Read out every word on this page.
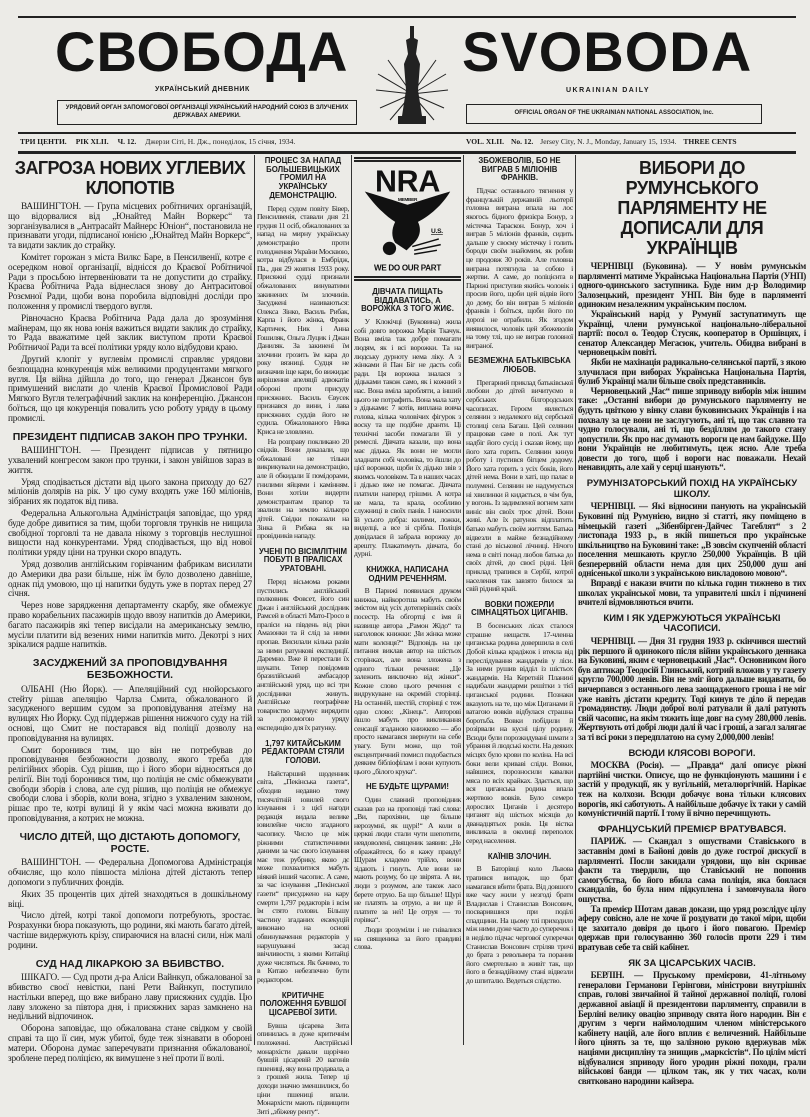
СВОБОДА SVOBODA
УКРАЇНСЬКИЙ ДНЕВНИК	UKRAINIAN DAILY
УРЯДОВИЙ ОРГАН ЗАПОМОГОВОЇ ОРГАНІЗАЦІЇ УКРАЇНСЬКИЙ НАРОДНИЙ СОЮЗ В ЗЛУЧЕНИХ ДЕРЖАВАХ АМЕРИКИ.	OFFICIAL ORGAN OF THE UKRAINIAN NATIONAL ASSOCIATION, Inc.
ТРИ ЦЕНТИ. РІК XLII. Ч. 12. Джерзи Сіті, Н. Дж., понеділок, 15 січня, 1934.	VOL. XLII. No. 12. Jersey City, N. J., Monday, January 15, 1934. THREE CENTS
ЗАГРОЗА НОВИХ УГЛЕВИХ КЛОПОТІВ

ВАШИНГТОН. — Група місцевих робітничих організацій, що відорвалися від „Юнайтед Майн Воркерс“ та зорганізувалися в „Антрасайт Майнерс Юніон“, постановила не признавати угоди, підписаної юнією „Юнайтед Майн Воркерс“, та видати заклик до страйку.

Комітет горожан з міста Вилкс Баре, в Пенсилвенії, котре є осередком нової організації, віднісся до Краєвої Робітничої Ради з просьбою інтервеніювати та не допустити до страйку. Краєва Робітнича Рада віднеслася знову до Антраситової Розємної Ради, щоби вона поробила відповідні досліди про положення у промислі твердого вугля.

Рівночасно Краєва Робітнича Рада дала до зрозуміння майнерам, що як нова юнія важиться видати заклик до страйку, то Рада вважатиме цей заклик виступом проти Краєвої Робітничої Ради та всеї політики уряду коло відбудови краю.

Другий клопіт у вуглевім промислі справляє урядови безпощадна конкуренція між великими продуцентами мягкого вугля. Ця війна дійшла до того, що генерал Джансон був примушений вислати до членів Краєвої Промислової Ради Мягкого Вугля телеграфічний заклик на конференцію. Джансон боїться, що ця кокуренція повалить усю роботу уряду в цьому промислі.

ПРЕЗИДЕНТ ПІДПИСАВ ЗАКОН ПРО ТРУНКИ.

ВАШИНГТОН. — Президент підписав у пятницю ухвалений конгресом закон про трунки, і закон увійшов зараз в життя.

Уряд сподівається дістати від цього закона приходу до 627 міліонів долярів на рік. У цю суму входять уже 160 міліонів, зібраних як податок від пива.

Федеральна Алькогольна Адміністрація заповідає, що уряд буде добре дивитися за тим, щоби торговля трунків не нищила свобідної торговлі та не давала нікому з торговців неслушної вищости над конкурентами. Уряд сподівається, що від нової політики уряду ціни на трунки скоро впадуть.

Уряд дозволив англійським горівчаним фабрикам висилати до Америки два рази більше, ніж їм було дозволено давніше, однак під умовою, що ці напитки будуть уже в портах перед 27 січня.

Через нове зарядження департаменту скарбу, яке обмежує право корабельних пасажирів щодо ввозу напитків до Америки, багато пасажирів які тепер висідали на американську землю, мусіли платити від везених ними напитків мито. Декотрі з них зрікалися радше напитків.

ЗАСУДЖЕНИЙ ЗА ПРОПОВІДУВАННЯ БЕЗБОЖНОСТИ.

ОЛБАНІ (Ню Йорк). — Апеляційний суд нюйорського стейту рішав апеляцію Чарлза Смита, обжалованого й засудженого вершим судом за проповідування атеїзму на вулицях Ню Йорку. Суд піддержав рішення нижчого суду на тій основі, що Смит не постарався від поліції дозволу на проповідування на вулицях.

Смит боронився тим, що він не потребував до проповідування безбожности дозволу, якого треба для релігійних зборів. Суд рішив, що і його збори відносяться до релігії. Він тоді боронився тим, що поліція не сміє обмежувати свободи зборів і слова, але суд рішив, що поліція не обмежує свободи слова і зборів, коли вона, згідно з ухваленим законом, рішає про те, котрі вулиці й у якім часі можна вживати до проповідування, а котрих не можна.

ЧИСЛО ДІТЕЙ, ЩО ДІСТАЮТЬ ДОПОМОГУ, РОСТЕ.

ВАШИНГТОН. — Федеральна Допомогова Адміністрація обчисляє, що коло півшоста міліона дітей дістають тепер допомоги з публичних фондів.

Яких 35 процентів цих дітей знаходяться в дошкільному віці.

Число дітей, котрі такої допомоги потребують, зростає. Розрахунки бюра показують, що родини, які мають багато дітей, частіше видержують крізу, спираючися на власні сили, ніж малі родини.

СУД НАД ЛІКАРКОЮ ЗА ВБИВСТВО.

ШІКАГО. — Суд проти д-ра Аліси Вайнкуп, обжалованої за вбивство своєї невістки, пані Рети Вайнкуп, поступило настільки вперед, що вже вибрано лаву присяжних суддів. Цю лаву зложено за півтора дня, і присяжних зараз замкнено на недільний відпочинок.

Оборона заповідає, що обжалована стане свідком у своїй справі та що її син, муж убитої, буде теж зізнавати в обороні матери. Оборона думає заперечувати признання обжалованої, зроблене перед поліцією, як вимушене з неї проти її волі.

ПРОЦЕС ЗА НАПАД БОЛЬШЕВИЦЬКИХ ГРОМИЛ НА УКРАЇНСЬКУ ДЕМОНСТРАЦІЮ.

Перед судом повіту Бівер, Пенсилвенія, ставали дня 21 грудня 11 осіб, обжалованих за напад на мирну українську демонстрацію проти голодження України Москвою, котра відбулася в Ембрідж, Па., дня 29 жовтня 1933 року. Присяжні судді признали обжалованих винуватими закинених їм злочинів. Засуджені називаються: Олекса Зінко, Василь Рибак, Карпа і його жінка, Франк Картичек, Ник і Анна Гошиляк, Ольга Луцик і Джан Даниляк. За закинені їм злочини грозить їм кара до року вязниці. Судця не визначив іще кари, бо вижидає вирішення апеляції адвокатів обороні проти присуду присяжних. Василь Євусек признався до вини, і лава присяжних суддів його не судила. Обжалованого Ника Криса не зловлено.

На розправу покликано 20 свідків. Вони доказали, що обжаловані не тільки викрикували на демонстрацію, але й обкидали її помідорами, гнилими яйцями і камінням. Вони хотіли видерти демонстрантам прапор та звалили на землю кількоро дітей. Свідки показали на Зінка й Рибака як на провідників нападу.

УЧЕНІ ПО ВІСІМЛІТНІМ ПОБУТІ В ПРАЛІСАХ УРАТОВАНІ.

Перед вісьмома роками пустились англійський полковник Фовсет, його син Джан і англійський дослідник Рамсей в області Мато-Гросо в праліси на південь від ріки Амазонки та й слід за ними пропав. Висилали кілька разів за ними ратункові експедиції. Даремно. Вже й перестали їх шукати. Тепер повідомив бразилійський амбасадор англійський уряд, що всі три дослідники живуть. Англійське географічне товариство задумує вирядити за допомогою уряду експедицію для їх ратунку.

1,797 КИТАЙСЬКИМ РЕДАКТОРАМ СТЯЛИ ГОЛОВИ.

Найстарший щоденник світа, „Пекінська газета“, обходив недавно тому тисячлітній ювилей свого існування і з цієї нагоди редакція видала велике ювилейне число згаданого часопису. Число це між ріжними статистичними даними за час свого існування має теж рубрику, якою дє може похвалитися мабуть ніякий інший часопис. А саме, за час існування „Пекінської газети“ присуджено на кару смерти 1,797 редакторів і всім їм стято голови. Більшу частину згаданих екзекуцій виконано на основі обвинувачення редакторів у нарушуванні засад ввічливости, з якими Китайці дуже числяться. Як бачимо, то в Китаю небезпечно бути редактором.

КРИТИЧНЕ ПОЛОЖЕННЯ БУВШОЇ ЦІСАРЕВОЇ ЗИТИ.

Бувша цісарева Зита опинилась в дуже критичнім положенні. Австрійські монархісти давали щорічно бувшій цісаревій 20 вагонів пшениці, яку вона продавала, а з грошей жила. Тепер ці доходи значно зменшилися, бо ціни пшениці впали. Монархісти мають підвищити Зиті „збіжеву ренту“.

NRA
MEMBER
U.S.
WE DO OUR PART
ДІВЧАТА ПИЩАТЬ ВІДДАВАТИСЬ, А ВОРОЖКА З ТОГО ЖИЄ.

У Клокічці (Буковина) жила собі довго ворожка Марія Ткачук. Вона вміла так добре помагати людям, як і всі ворожки. Та на людську дурноту нема ліку. А з жінками й Пан Біг не дасть собі ради. Ця ворожка зналася з дідьками також само, як і кожний з нас. Вона вміла заробляти, а інший цього не потрафить. Вона мала хату з дідьками: 7 котів, виплана вовча голова, кілька чоловічих фігурок з воску та ще подібне дранти. Ці технічні засоби помагали їй у ремеслі. Дівчата казали, що вона має дідька. Як вони не могли зладнати собі чоловіка, то йшли до цієї ворожки, щоби їх дідько звів з якимсь чоловіком. Та в наших часах і дідько вже не помагає. Дівчата платили наперед грішми. А котра не мала, та крала, особливо служниці в своїх панів. І наносили їй усього добра: килими, ложки, виделці, а все зі срібла. Поліція довідалася й забрала ворожку до арешту. Плакатимуть дівчата, бо дурні.

КНИЖКА, НАПИСАНА ОДНИМ РЕЧЕННЯМ.

В Парижі появилася друком книжка, найкоротша мабуть своїм змістом від усіх дотеперішніх своїх посестр. На обгортці є імя й назвище автора „Рамон Жідо“ та наголовок книжки: „Чи жінка може мати колєнця?“ Відповідь на це питання виклав автор на шістьох сторінках, але вона зложена з одного тільки речення: „Це залежить виключно від жінки“. Кожне слово цього речення є видрукуване на окремій сторінці. На останній, шестій, сторінці є теж одно слово: „Кінець“. Авторові йшло мабуть про викликання сенсації згаданою книжкою — або просто намагався звернути на себе увагу. Бути може, що той ексцентричний помисл подобається деяким бібліофілам і вони купують цього „білого крука“.

НЕ БУДЬТЕ ЩУРАМИ!

Один славний проповідник сказав раз на проповіді такі слова: „Ви, парохіяни, ще більше нерозумні, як щурі!“ А коли в церкві люди стали чути шепотити, невдоволені, священик заявив: „Не ображайтеся, бо я кажу правду! Щурам кладемо трійло, вони зідають і гинуть. Але вони не мають розуму, бо це звірята. А ви, люди з розумом, але також ласо берете отрую. Ба що більше! Щурі не платять за отрую, а ви ще й платите за неї! Це отруя — то горівка“.

Люди зрозуміли і не гнівалися на священика за його правдиві слова.

ЗБОЖЕВОЛІВ, БО НЕ ВИГРАВ 5 МІЛІОНІВ ФРАНКІВ.

Підчас останнього тягнення у французькій державній льотерії головна виграна впала на лос якогось бідного фризієра Бонур, з містечка Тараскон. Бонур, хоч і виграв 5 міліонів франків, сидить дальше у своєму містечку і голить бороди своїм знайомим, як робив це продовж 30 років. Але головна виграна потягнула за собою і жертви. А саме, до поліцієнта в Парижі приступив якийсь чоловік і просив його, щоби цей відвів його до дому, бо він виграв 5 міліонів франків і боїться, щоби його по дорозі не ограбили. Як згодом виявилося, чоловік цей збожеволів на тому тлі, що не виграв головної виграної.

БЕЗМЕЖНА БАТЬКІВСЬКА ЛЮБОВ.

Прегарний приклад батьківської любови до дітей вичитуємо в сербських білгородських часописах. Героєм являється селянин з недалекого від сербської столиці села Багаш. Цей селянин працював саме в полі. Аж тут надбіг його сусід і сказав йому, що його хата горить. Селянин кинув роботу і пустився бігцем додому. Його хата горить з усіх боків, його дітей нема. Вони в хаті, що палає в полумені. Селянин не надумується ні хвилинки й кидається, в чім був, у вогонь. Із задимленої вогнем хати виніс він своїх троє дітей. Вони живі. Але їх ратунок відплатить батько мабуть своїм життям. Батька відвезли в майже безнадійному стані до віськової лічниці. Нічого нема в світі понад любов батька до своїх дітей, до своєї рідні. Цей приклад трапився в Сербії, котрої населення так завзято билося за свій рідний край.

ВОВКИ ПОЖЕРЛИ СІМНАЦЯТЬОХ ЦИГАНІВ.

В босенських лісах сталося страшне нещастя. 17-членна циганська родина довершила в селі Добой кілька крадіжок і втекла від переслідування жандармів у ліси. За ними рушив відділ із шістьох жандармів. На Керетній Планині надибали жандарми решітки з тієї циганської родини. Познаки вказують на те, що між Циганами й ватагою вовків відбулася страшна боротьба. Вовки побідили й розірвали на кусні цілу родину. Всюди були порозкидувані шмати з убрання й людські кости. На деяких місцях було крови по коліна. На всі боки вели криваві сліди. Вовки, наївшися, порозносили кавалки мяса по всіх крайках. Здається, що вся циганська родина впала жертвою вовків. Було семеро дорослих Циганів і десятеро циганят від шістьох місяців до дванадцятьох років. Ця вістка викликала в околиці переполох серед населення.

КАЇНІВ ЗЛОЧИН.

В Баторівці коло Львова трапився випадок, що брат намагався вбити брата. Від довшого вже часу жили у незгоді брати Владислав і Станислав Вонсович, посварившися при поділі спадщини. На цьому тлі приходило між ними дуже часто до суперечок і в неділю підчас чергової суперечки Станислав Вонсович стріляв тричі до брата з револьвера та поранив його смертельно в живіт так, що його в безнадійному стані відвезли до шпиталю. Ведеться слідство.

ВИБОРИ ДО РУМУНСЬКОГО ПАРЛЯМЕНТУ НЕ ДОПИСАЛИ ДЛЯ УКРАЇНЦІВ

ЧЕРНІВЦІ (Буковина). — У новім румунськім парляменті матиме Українська Національна Партія (УНП) одного-одинського заступника. Буде ним д-р Володимир Залозецький, президент УНП. Він буде в парляменті одиноким незалежним українським послом.

Український нарід у Румунії заступатимуть ще Українці, члени румунської національно-ліберальної партії: посол о. Теодор Стусяк, кооператор в Оршівцях, і сенатор Александер Мегасюк, учитель. Обидва вибрані в черновецькім повіті.

Якби не махінація радикально-селянської партії, з якою злучилася при виборах Українська Національна Партія, булиб Українці мали більше своїх представників.

Черновецький „Час“ пише зприводу виборів між іншим таке: „Останні вибори до румунського парляменту не будуть цвіткою у вінку слави буковинських Українців і на похвалу за це вони не заслугують, ані ті, що так славно та чудно голосували, ані ті, що безділлям до такого стану допустили. Як про нас думають вороги це нам байдуже. Що вони Українців не любитимуть, цеж ясно. Але треба довести до того, щоб і вороги нас поважали. Нехай ненавидять, але хай у серці шанують“.

РУМУНІЗАТОРСЬКИЙ ПОХІД НА УКРАЇНСЬКУ ШКОЛУ.

ЧЕРНІВЦІ. — Які відносини панують на українській Буковині під Румунією, видно зі статті, яку поміщено в німецькій газеті „Зібенбірген-Дайчес Тагеблят“ з 2 листопада 1933 р., в якій пишеться про українське шкільництво на Буковині таке: „В зовсім скупченій області поселення мешкають кругло 250,000 Українців. В цій безперервній области нема для цих 250,000 душ ані однісенької школи з українською викладовою мовою“.

Вправді є накази вчити по кілька годин тижнево в тих школах української мови, та управителі шкіл і підчинені вчителі відмовляються вчити.

КИМ І ЯК УДЕРЖУЮТЬСЯ УКРАЇНСЬКІ ЧАСОПИСИ.

ЧЕРНІВЦІ. — Дня 31 грудня 1933 р. скінчився шестий рік першого й одинокого після війни українського деннака на Буковині, яким є черновецький „Час“. Основником його був аптикар Теодосій Глинський, котрий вложив у ту газету кругло 700,000 левів. Він не зміг його дальше видавати, бо вичерпався з останнього лева заощадженого гроша і не міг уже навіть дістати кредиту. Тоді кинув те діло й передав громадянству. Люди доброї волі ратували й далі ратують свій часопис, на якім тяжить іще довг на суму 280,000 левів. Жертвують оті добрі люди далі й час і гроші, а загал залягає за ті всі роки з передплатою на суму 2,000,000 левів!

ВСЮДИ КЛЯСОВІ ВОРОГИ.

МОСКВА (Росія). — „Правда“ далі описує ріжні партійні чистки. Описує, що не функціонують машини і є застій у продукції, як у вугільній, металюргічній. Нарікає теж на колхози. Всюди добачує вона тільки клясових ворогів, які саботують. А найбільше добачує їх таки у самій комуністичній партії. І тому її вічно перечищують.

ФРАНЦУСЬКИЙ ПРЕМІЄР ВРАТУВАВСЯ.

ПАРИЖ. — Скандал з ошуствами Ставіського в заставнім домі в Байоні довів до дуже гострої дискусії в парляменті. Посли закидали урядови, що він скриває факти та твердили, що Ставіський не попонив самогубства, бо його вбила сама поліція, яка боялася скандалів, бо була ним підкуплена і замовчувала його ошуства.

Та премієр Шотам давав докази, що уряд розслідує цілу аферу совісно, але не хоче її роздувати до такої міри, щоби це захитало довіря до цього і його повагою. Премієр одержав при голосуванню 360 голосів проти 229 і тим вратував себе та свій кабінет.

ЯК ЗА ЦІСАРСЬКИХ ЧАСІВ.

БЕРЛІН. — Пруському премієрови, 41-літньому генералови Германови Герінгови, міністрови внутрішніх справ, голові звичайної й тайної державної поліції, голові державної авіації й президентови парляменту, справили в Берліні велику овацію зприводу свята його народин. Він є другим з черги наймолодшим членом міністерського кабінету націй, але його вплив є величезний. Найбільше його цінять за те, що залізною рукою вдержував між націями дисципліну та знищив „марксістів“. По цілім місті відбувалися зприводу його уродин ріжні походи, грали військові банди — цілком так, як у тих часах, коли святковано народини кайзера.
